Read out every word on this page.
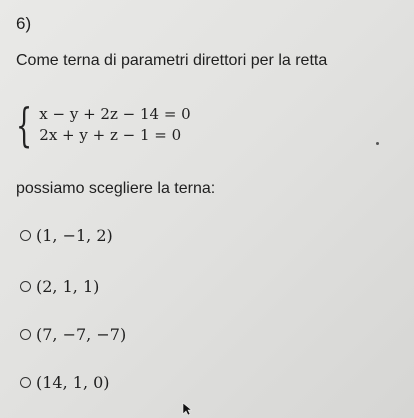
6)
Come terna di parametri direttori per la retta
{ x − y + 2z − 14 = 0
2x + y + z − 1 = 0
possiamo scegliere la terna:
(1, −1, 2)
(2, 1, 1)
(7, −7, −7)
(14, 1, 0)
